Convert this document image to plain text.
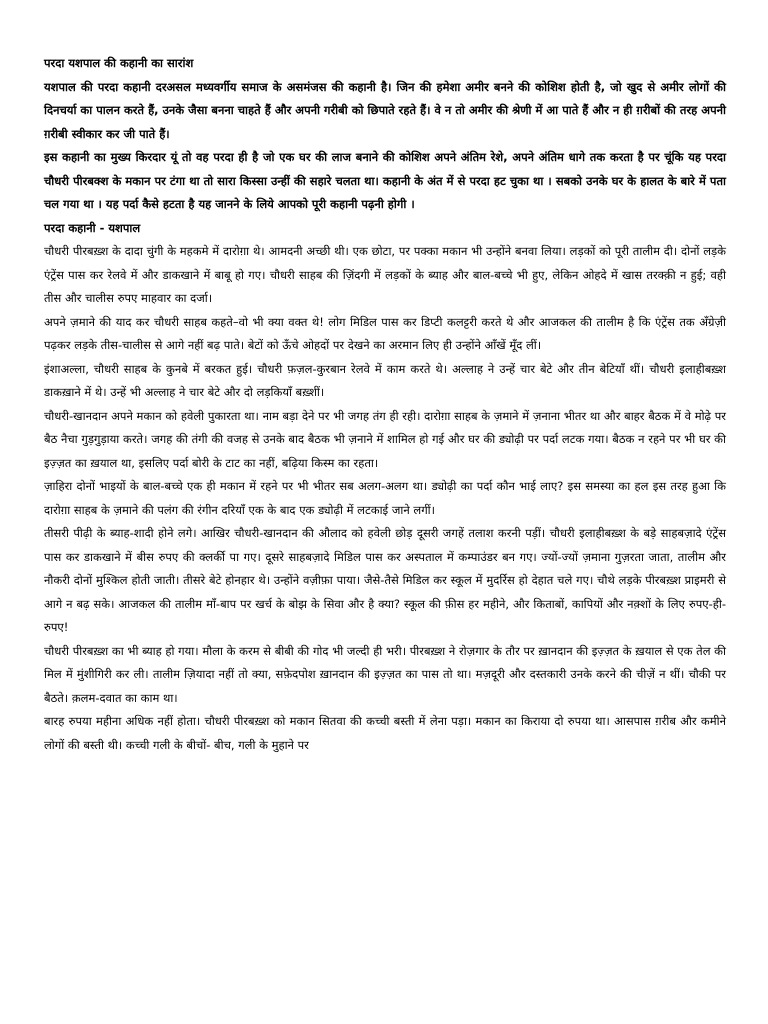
परदा यशपाल की कहानी का सारांश

यशपाल की परदा कहानी दरअसल मध्यवर्गीय समाज के असमंजस की कहानी है। जिन की हमेशा अमीर बनने की कोशिश होती है, जो खुद से अमीर लोगों की दिनचर्या का पालन करते हैं, उनके जैसा बनना चाहते हैं और अपनी गरीबी को छिपाते रहते हैं। वे न तो अमीर की श्रेणी में आ पाते हैं और न ही ग़रीबों की तरह अपनी ग़रीबी स्वीकार कर जी पाते हैं।

इस कहानी का मुख्य किरदार यूं तो वह परदा ही है जो एक घर की लाज बनाने की कोशिश अपने अंतिम रेशे, अपने अंतिम धागे तक करता है पर चूंकि यह परदा चौधरी पीरबक्श के मकान पर टंगा था तो सारा किस्सा उन्हीं की सहारे चलता था। कहानी के अंत में से परदा हट चुका था । सबको उनके घर के हालत के बारे में पता चल गया था । यह पर्दा कैसे हटता है यह जानने के लिये आपको पूरी कहानी पढ़नी होगी ।

परदा कहानी - यशपाल

चौधरी पीरबख़्श के दादा चुंगी के महकमे में दारोग़ा थे। आमदनी अच्छी थी। एक छोटा, पर पक्का मकान भी उन्होंने बनवा लिया। लड़कों को पूरी तालीम दी। दोनों लड़के एंट्रेंस पास कर रेलवे में और डाकखाने में बाबू हो गए। चौधरी साहब की ज़िंदगी में लड़कों के ब्याह और बाल-बच्चे भी हुए, लेकिन ओहदे में खास तरक्क़ी न हुई; वही तीस और चालीस रुपए माहवार का दर्जा।

अपने ज़माने की याद कर चौधरी साहब कहते–वो भी क्या वक्त थे! लोग मिडिल पास कर डिप्टी कलट्टरी करते थे और आजकल की तालीम है कि एंट्रेंस तक अँग्रेज़ी पढ़कर लड़के तीस-चालीस से आगे नहीं बढ़ पाते। बेटों को ऊँचे ओहदों पर देखने का अरमान लिए ही उन्होंने आँखें मूँद लीं।

इंशाअल्ला, चौधरी साहब के कुनबे में बरकत हुई। चौधरी फ़ज़ल-कुरबान रेलवे में काम करते थे। अल्लाह ने उन्हें चार बेटे और तीन बेटियाँ थीं। चौधरी इलाहीबख़्श डाकख़ाने में थे। उन्हें भी अल्लाह ने चार बेटे और दो लड़कियाँ बख़्शीं।

चौधरी-खानदान अपने मकान को हवेली पुकारता था। नाम बड़ा देने पर भी जगह तंग ही रही। दारोग़ा साहब के ज़माने में ज़नाना भीतर था और बाहर बैठक में वे मोढ़े पर बैठ नैचा गुड़गुड़ाया करते। जगह की तंगी की वजह से उनके बाद बैठक भी ज़नाने में शामिल हो गई और घर की ड्योढ़ी पर पर्दा लटक गया। बैठक न रहने पर भी घर की इज़्ज़त का ख़याल था, इसलिए पर्दा बोरी के टाट का नहीं, बढ़िया किस्म का रहता।

ज़ाहिरा दोनों भाइयों के बाल-बच्चे एक ही मकान में रहने पर भी भीतर सब अलग-अलग था। ड्योढ़ी का पर्दा कौन भाई लाए? इस समस्या का हल इस तरह हुआ कि दारोग़ा साहब के ज़माने की पलंग की रंगीन दरियाँ एक के बाद एक ड्योढ़ी में लटकाई जाने लगीं।

तीसरी पीढ़ी के ब्याह-शादी होने लगे। आखिर चौधरी-खानदान की औलाद को हवेली छोड़ दूसरी जगहें तलाश करनी पड़ीं। चौधरी इलाहीबख़्श के बड़े साहबज़ादे एंट्रेंस पास कर डाकखाने में बीस रुपए की क्लर्की पा गए। दूसरे साहबज़ादे मिडिल पास कर अस्पताल में कम्पाउंडर बन गए। ज्यों-ज्यों ज़माना गुज़रता जाता, तालीम और नौकरी दोनों मुश्किल होती जाती। तीसरे बेटे होनहार थे। उन्होंने वज़ीफ़ा पाया। जैसे-तैसे मिडिल कर स्कूल में मुदर्रिस हो देहात चले गए। चौथे लड़के पीरबख़्श प्राइमरी से आगे न बढ़ सके। आजकल की तालीम माँ-बाप पर खर्च के बोझ के सिवा और है क्या? स्कूल की फ़ीस हर महीने, और किताबों, कापियों और नक़्शों के लिए रुपए-ही-रुपए!

चौधरी पीरबख़्श का भी ब्याह हो गया। मौला के करम से बीबी की गोद भी जल्दी ही भरी। पीरबख़्श ने रोज़गार के तौर पर ख़ानदान की इज़्ज़त के ख़याल से एक तेल की मिल में मुंशीगिरी कर ली। तालीम ज़ियादा नहीं तो क्या, सफ़ेदपोश ख़ानदान की इज़्ज़त का पास तो था। मज़दूरी और दस्तकारी उनके करने की चीज़ें न थीं। चौकी पर बैठते। क़लम-दवात का काम था।

बारह रुपया महीना अधिक नहीं होता। चौधरी पीरबख़्श को मकान सितवा की कच्ची बस्ती में लेना पड़ा। मकान का किराया दो रुपया था। आसपास ग़रीब और कमीने लोगों की बस्ती थी। कच्ची गली के बीचों- बीच, गली के मुहाने पर
